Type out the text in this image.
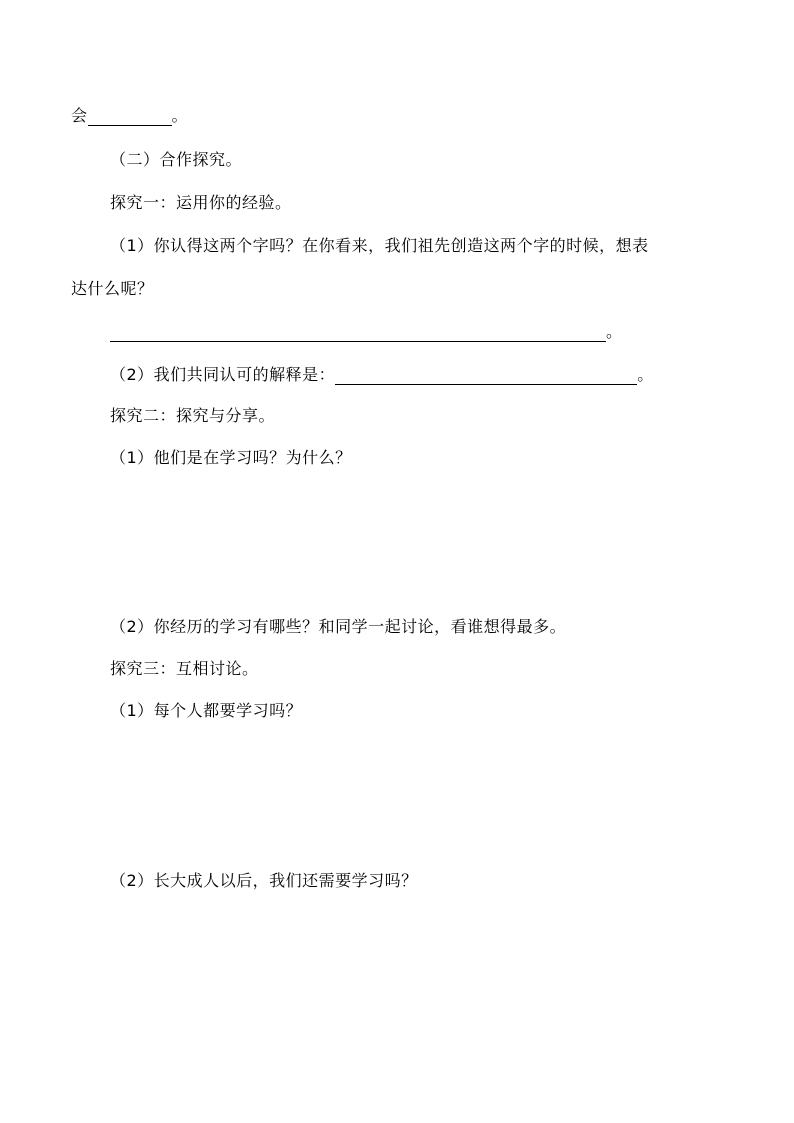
会	。
（二）合作探究。
探究一：运用你的经验。
（1）你认得这两个字吗？在你看来，我们祖先创造这两个字的时候，想表
达什么呢？
。
（2）我们共同认可的解释是：	。
探究二：探究与分享。
（1）他们是在学习吗？为什么？
（2）你经历的学习有哪些？和同学一起讨论，看谁想得最多。
探究三：互相讨论。
（1）每个人都要学习吗？
（2）长大成人以后，我们还需要学习吗？
